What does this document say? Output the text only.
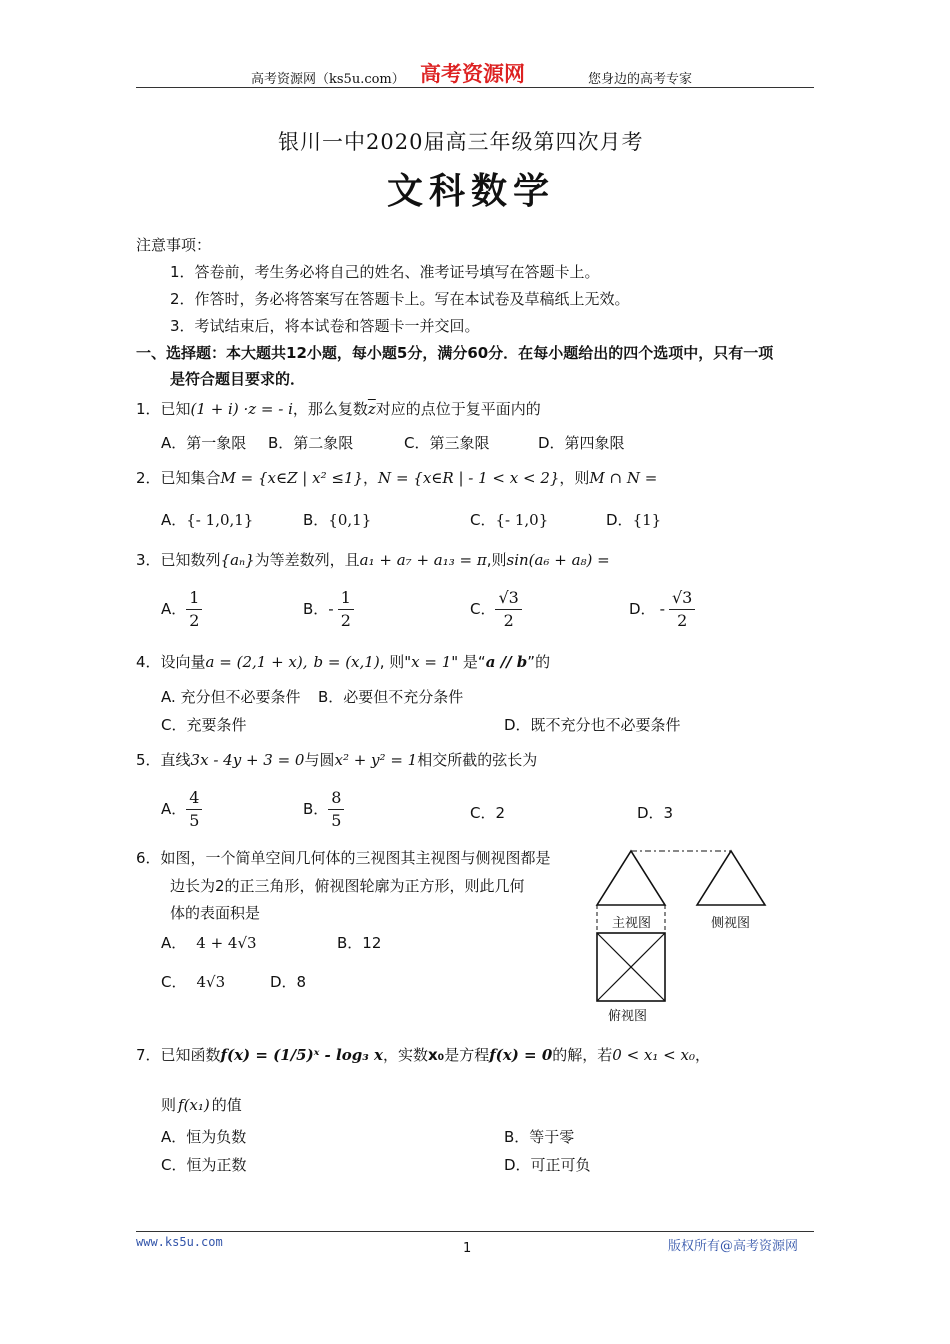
高考资源网（ks5u.com） 高考资源网	您身边的高考专家
银川一中2020届高三年级第四次月考
文科数学
注意事项：
1．答卷前，考生务必将自己的姓名、准考证号填写在答题卡上。
2．作答时，务必将答案写在答题卡上。写在本试卷及草稿纸上无效。
3．考试结束后，将本试卷和答题卡一并交回。
一、选择题：本大题共12小题，每小题5分，满分60分．在每小题给出的四个选项中，只有一项
是符合题目要求的．
1．已知(1 + i) ·z = - i，那么复数$\overline{z}$对应的点位于复平面内的
A．第一象限 B．第二象限	C．第三象限	D．第四象限
2．已知集合M = {x∈Z | x² ≤1}，N = {x∈R | - 1 < x < 2}，则M ∩ N =
A．{- 1,0,1}	B．{0,1}	C．{- 1,0}	D．{1}
3．已知数列{aₙ}为等差数列，且a₁ + a₇ + a₁₃ = π,则sin(a₆ + a₈) =
A． $\frac{1}{2}$	B．- $\frac{1}{2}$	C． $\frac{√3}{2}$	D． - $\frac{√3}{2}$
4．设向量a = (2,1 + x), b = (x,1), 则"x = 1" 是“a // b”的
A. 充分但不必要条件 B．必要但不充分条件
C．充要条件	D．既不充分也不必要条件
5．直线3x - 4y + 3 = 0与圆x² + y² = 1相交所截的弦长为
A． $\frac{4}{5}$	B． $\frac{8}{5}$	C．2	D．3
6．如图，一个简单空间几何体的三视图其主视图与侧视图都是
边长为2的正三角形，俯视图轮廓为正方形，则此几何
体的表面积是
A． 4 + 4√3	B．12
C． 4√3	D．8
主视图	侧视图
俯视图
7．已知函数f(x) = (1/5)ˣ - log₃ x，实数x₀是方程f(x) = 0的解，若0 < x₁ < x₀，
则 f(x₁) 的值
A．恒为负数	B．等于零
C．恒为正数	D．可正可负
www.ks5u.com	1	版权所有@高考资源网
